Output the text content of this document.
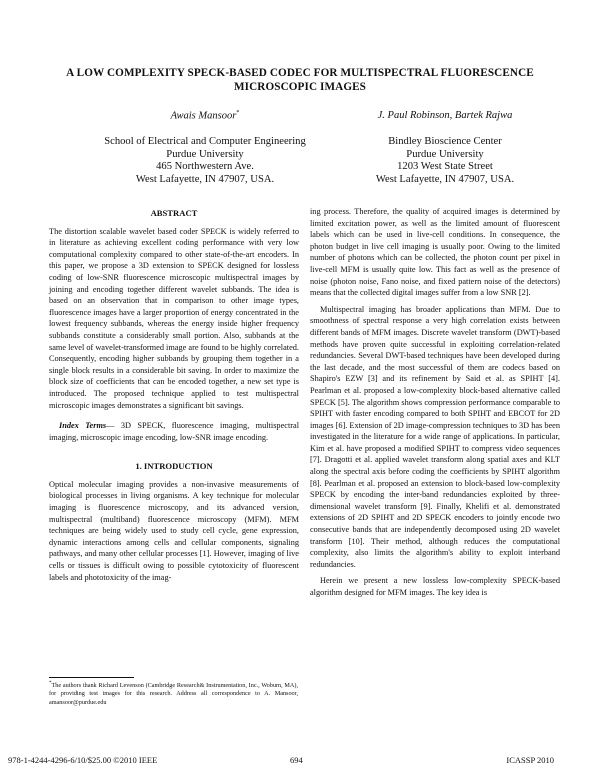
A LOW COMPLEXITY SPECK-BASED CODEC FOR MULTISPECTRAL FLUORESCENCE
MICROSCOPIC IMAGES
Awais Mansoor*	J. Paul Robinson, Bartek Rajwa
School of Electrical and Computer Engineering
Purdue University
465 Northwestern Ave.
West Lafayette, IN 47907, USA.
Bindley Bioscience Center
Purdue University
1203 West State Street
West Lafayette, IN 47907, USA.
ABSTRACT

The distortion scalable wavelet based coder SPECK is widely referred to in literature as achieving excellent coding performance with very low computational complexity compared to other state-of-the-art encoders. In this paper, we propose a 3D extension to SPECK designed for lossless coding of low-SNR fluorescence microscopic multispectral images by joining and encoding together different wavelet subbands. The idea is based on an observation that in comparison to other image types, fluorescence images have a larger proportion of energy concentrated in the lowest frequency subbands, whereas the energy inside higher frequency subbands constitute a considerably small portion. Also, subbands at the same level of wavelet-transformed image are found to be highly correlated. Consequently, encoding higher subbands by grouping them together in a single block results in a considerable bit saving. In order to maximize the block size of coefficients that can be encoded together, a new set type is introduced. The proposed technique applied to test multispectral microscopic images demonstrates a significant bit savings.

Index Terms— 3D SPECK, fluorescence imaging, multispectral imaging, microscopic image encoding, low-SNR image encoding.

1. INTRODUCTION

Optical molecular imaging provides a non-invasive measurements of biological processes in living organisms. A key technique for molecular imaging is fluorescence microscopy, and its advanced version, multispectral (multiband) fluorescence microscopy (MFM). MFM techniques are being widely used to study cell cycle, gene expression, dynamic interactions among cells and cellular components, signaling pathways, and many other cellular processes [1]. However, imaging of live cells or tissues is difficult owing to possible cytotoxicity of fluorescent labels and phototoxicity of the imag-

*The authors thank Richard Levenson (Cambridge Research& Instrumentation, Inc., Woburn, MA), for providing test images for this research. Address all correspondence to A. Mansoor, amansoor@purdue.edu

ing process. Therefore, the quality of acquired images is determined by limited excitation power, as well as the limited amount of fluorescent labels which can be used in live-cell conditions. In consequence, the photon budget in live cell imaging is usually poor. Owing to the limited number of photons which can be collected, the photon count per pixel in live-cell MFM is usually quite low. This fact as well as the presence of noise (photon noise, Fano noise, and fixed pattern noise of the detectors) means that the collected digital images suffer from a low SNR [2].

Multispectral imaging has broader applications than MFM. Due to smoothness of spectral response a very high correlation exists between different bands of MFM images. Discrete wavelet transform (DWT)-based methods have proven quite successful in exploiting correlation-related redundancies. Several DWT-based techniques have been developed during the last decade, and the most successful of them are codecs based on Shapiro's EZW [3] and its refinement by Said et al. as SPIHT [4]. Pearlman et al. proposed a low-complexity block-based alternative called SPECK [5]. The algorithm shows compression performance comparable to SPIHT with faster encoding compared to both SPIHT and EBCOT for 2D images [6]. Extension of 2D image-compression techniques to 3D has been investigated in the literature for a wide range of applications. In particular, Kim et al. have proposed a modified SPIHT to compress video sequences [7]. Dragotti et al. applied wavelet transform along spatial axes and KLT along the spectral axis before coding the coefficients by SPIHT algorithm [8]. Pearlman et al. proposed an extension to block-based low-complexity SPECK by encoding the inter-band redundancies exploited by three-dimensional wavelet transform [9]. Finally, Khelifi et al. demonstrated extensions of 2D SPIHT and 2D SPECK encoders to jointly encode two consecutive bands that are independently decomposed using 2D wavelet transform [10]. Their method, although reduces the computational complexity, also limits the algorithm's ability to exploit interband redundancies.

Herein we present a new lossless low-complexity SPECK-based algorithm designed for MFM images. The key idea is

978-1-4244-4296-6/10/$25.00 ©2010 IEEE	694	ICASSP 2010
